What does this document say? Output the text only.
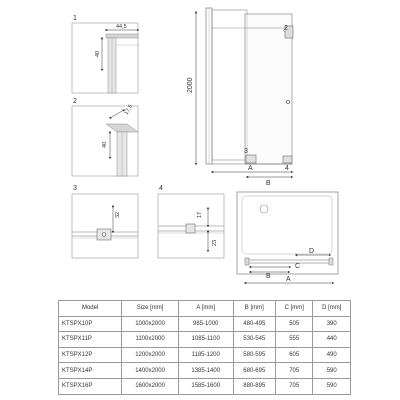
1
44,5
40
2
17,5
40
3
32
4
17
23
2000
A
B
2
3
4
D
C
B A
Model	Size [mm]	A [mm]	B [mm]	C [mm]	D [mm]
KTSPX10P	1000x2000	985-1000	480-495	505	390
KTSPX11P	1100x2000	1085-1100	530-545	555	440
KTSPX12P	1200x2000	1185-1200	580-595	605	490
KTSPX14P	1400x2000	1385-1400	680-695	705	590
KTSPX16P	1600x2000	1585-1600	880-895	705	590
